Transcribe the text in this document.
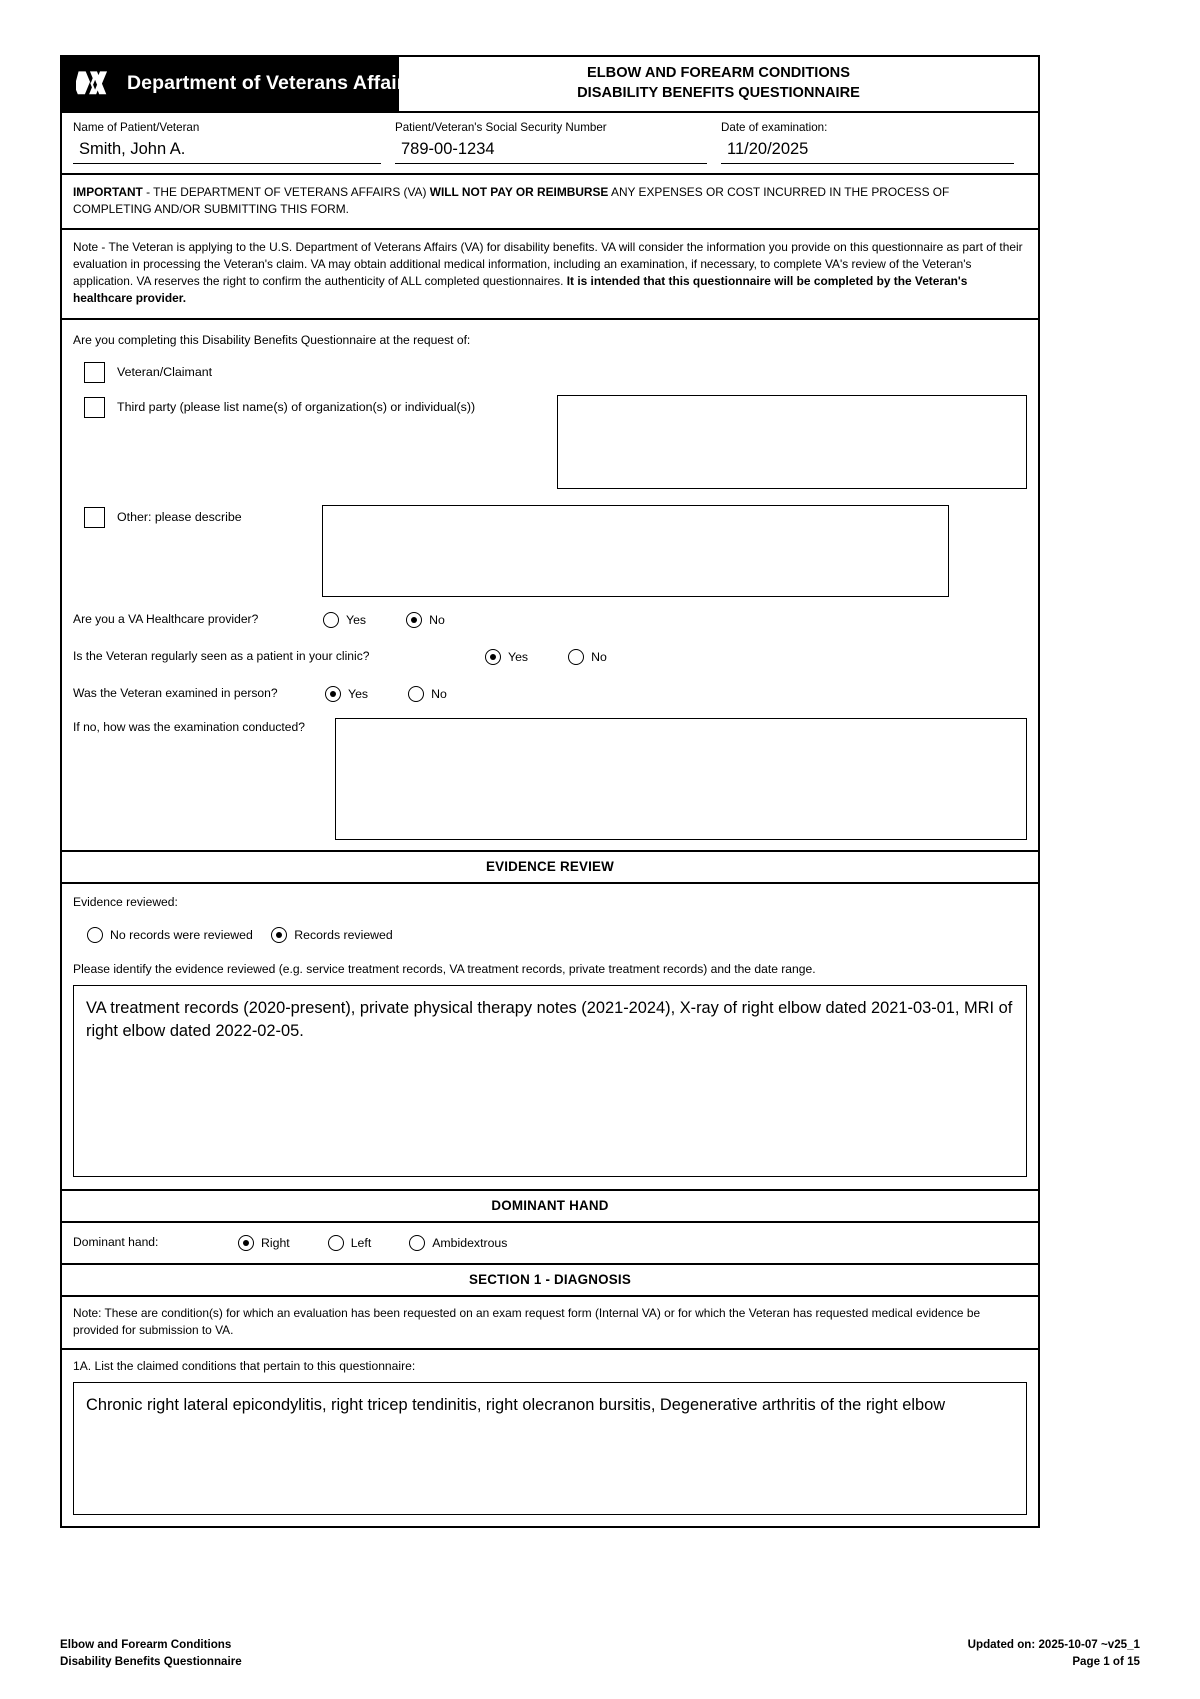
Department of Veterans Affairs	ELBOW AND FOREARM CONDITIONS
DISABILITY BENEFITS QUESTIONNAIRE
Name of Patient/Veteran
Smith, John A.
Patient/Veteran's Social Security Number
789-00-1234
Date of examination:
11/20/2025

IMPORTANT - THE DEPARTMENT OF VETERANS AFFAIRS (VA) WILL NOT PAY OR REIMBURSE ANY EXPENSES OR COST INCURRED IN THE PROCESS OF COMPLETING AND/OR SUBMITTING THIS FORM.

Note - The Veteran is applying to the U.S. Department of Veterans Affairs (VA) for disability benefits. VA will consider the information you provide on this questionnaire as part of their evaluation in processing the Veteran's claim. VA may obtain additional medical information, including an examination, if necessary, to complete VA's review of the Veteran's application. VA reserves the right to confirm the authenticity of ALL completed questionnaires. It is intended that this questionnaire will be completed by the Veteran's healthcare provider.

Are you completing this Disability Benefits Questionnaire at the request of:
Veteran/Claimant
Third party (please list name(s) of organization(s) or individual(s))
Other: please describe
Are you a VA Healthcare provider?	Yes	No
Is the Veteran regularly seen as a patient in your clinic?	Yes	No
Was the Veteran examined in person?	Yes	No
If no, how was the examination conducted?
EVIDENCE REVIEW
Evidence reviewed:
No records were reviewed
	Records reviewed
Please identify the evidence reviewed (e.g. service treatment records, VA treatment records, private treatment records) and the date range.
VA treatment records (2020-present), private physical therapy notes (2021-2024), X-ray of right elbow dated 2021-03-01, MRI of right elbow dated 2022-02-05.
DOMINANT HAND
Dominant hand:	Right	Left	Ambidextrous
SECTION 1 - DIAGNOSIS

Note: These are condition(s) for which an evaluation has been requested on an exam request form (Internal VA) or for which the Veteran has requested medical evidence be provided for submission to VA.

1A. List the claimed conditions that pertain to this questionnaire:
Chronic right lateral epicondylitis, right tricep tendinitis, right olecranon bursitis, Degenerative arthritis of the right elbow
Elbow and Forearm Conditions
Disability Benefits Questionnaire
Updated on: 2025-10-07 ~v25_1
Page 1 of 15
